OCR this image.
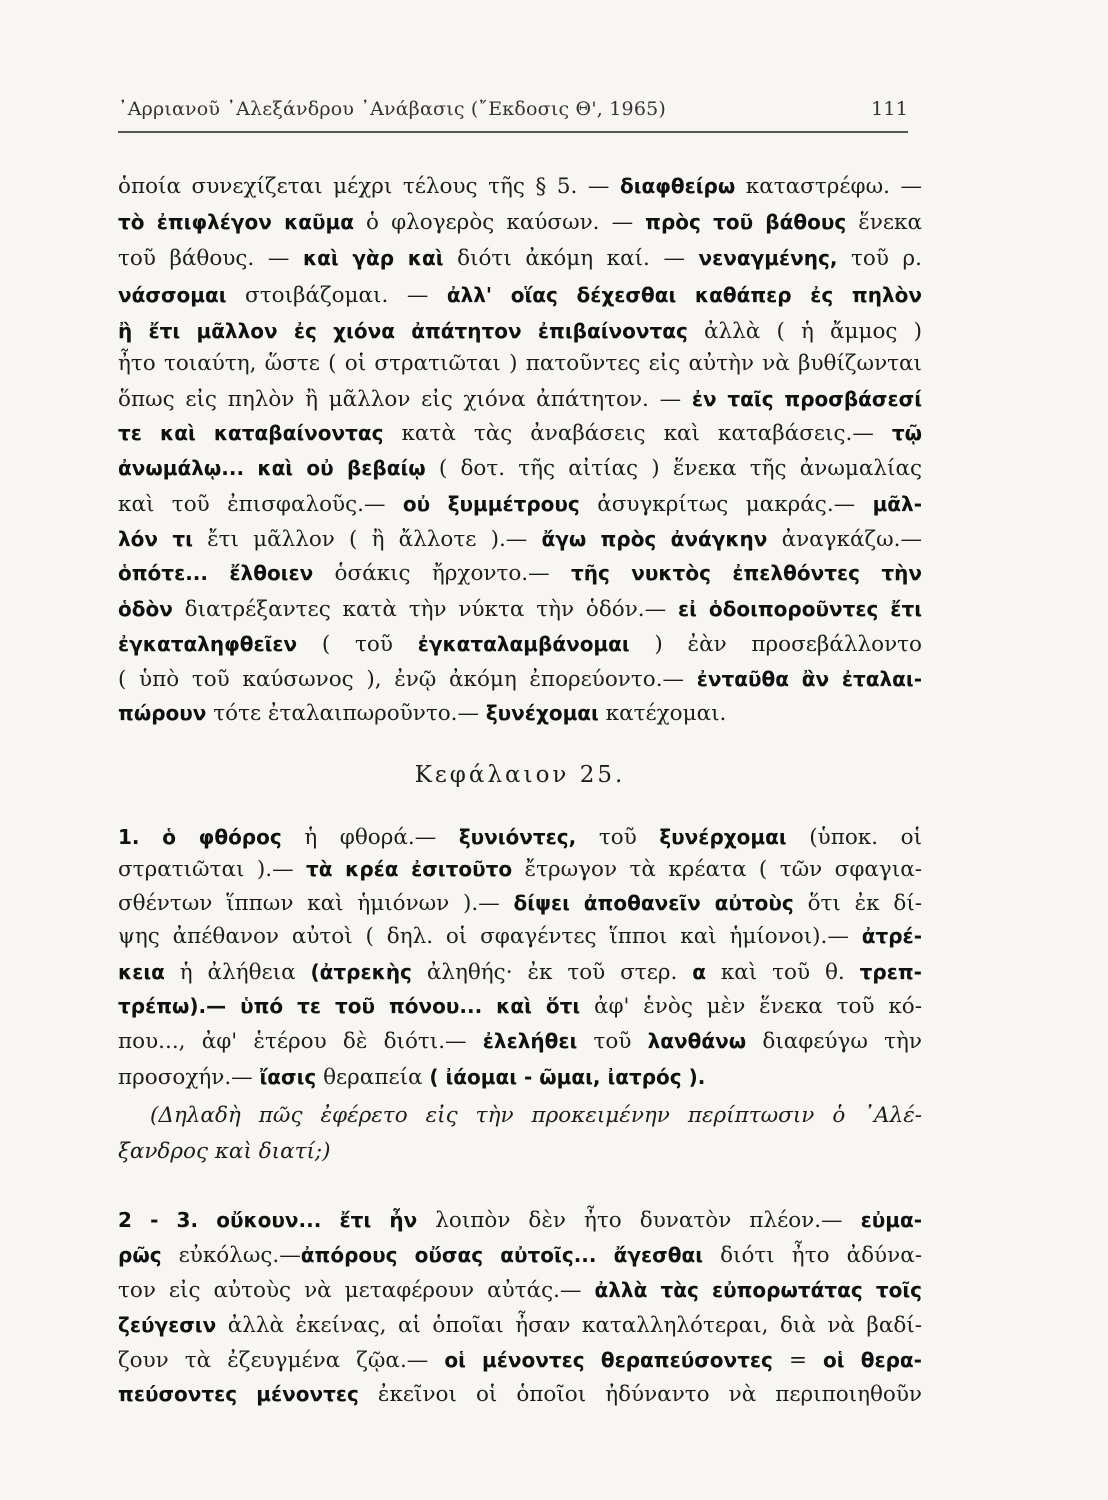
᾿Αρριανοῦ ᾿Αλεξάνδρου ᾿Ανάβασις (῎Εκδοσις Θ', 1965)	111
ὁποία συνεχίζεται μέχρι τέλους τῆς § 5. — διαφθείρω καταστρέφω. —
τὸ ἐπιφλέγον καῦμα ὁ φλογερὸς καύσων. — πρὸς τοῦ βάθους ἕνεκα
τοῦ βάθους. — καὶ γὰρ καὶ διότι ἀκόμη καί. — νεναγμένης, τοῦ ρ.
νάσσομαι στοιβάζομαι. — ἀλλ' οἵας δέχεσθαι καθάπερ ἐς πηλὸν
ἢ ἔτι μᾶλλον ἐς χιόνα ἀπάτητον ἐπιβαίνοντας ἀλλὰ ( ἡ ἄμμος )
ἦτο τοιαύτη, ὥστε ( οἱ στρατιῶται ) πατοῦντες εἰς αὐτὴν νὰ βυθίζωνται
ὅπως εἰς πηλὸν ἢ μᾶλλον εἰς χιόνα ἀπάτητον. — ἐν ταῖς προσβάσεσί
τε καὶ καταβαίνοντας κατὰ τὰς ἀναβάσεις καὶ καταβάσεις.— τῷ
ἀνωμάλῳ... καὶ οὐ βεβαίῳ ( δοτ. τῆς αἰτίας ) ἕνεκα τῆς ἀνωμαλίας
καὶ τοῦ ἐπισφαλοῦς.— οὐ ξυμμέτρους ἀσυγκρίτως μακράς.— μᾶλ-
λόν τι ἔτι μᾶλλον ( ἢ ἄλλοτε ).— ἄγω πρὸς ἀνάγκην ἀναγκάζω.—
ὁπότε... ἔλθοιεν ὁσάκις ἤρχοντο.— τῆς νυκτὸς ἐπελθόντες τὴν
ὁδὸν διατρέξαντες κατὰ τὴν νύκτα τὴν ὁδόν.— εἰ ὁδοιποροῦντες ἔτι
ἐγκαταληφθεῖεν ( τοῦ ἐγκαταλαμβάνομαι ) ἐὰν προσεβάλλοντο
( ὑπὸ τοῦ καύσωνος ), ἐνῷ ἀκόμη ἐπορεύοντο.— ἐνταῦθα ἂν ἐταλαι-
πώρουν τότε ἐταλαιπωροῦντο.— ξυνέχομαι κατέχομαι.
1. ὁ φθόρος ἡ φθορά.— ξυνιόντες, τοῦ ξυνέρχομαι (ὑποκ. οἱ
στρατιῶται ).— τὰ κρέα ἐσιτοῦτο ἔτρωγον τὰ κρέατα ( τῶν σφαγια-
σθέντων ἵππων καὶ ἡμιόνων ).— δίψει ἀποθανεῖν αὐτοὺς ὅτι ἐκ δί-
ψης ἀπέθανον αὐτοὶ ( δηλ. οἱ σφαγέντες ἵπποι καὶ ἡμίονοι).— ἀτρέ-
κεια ἡ ἀλήθεια (ἀτρεκὴς ἀληθής· ἐκ τοῦ στερ. α καὶ τοῦ θ. τρεπ-
τρέπω).— ὑπό τε τοῦ πόνου... καὶ ὅτι ἀφ' ἑνὸς μὲν ἕνεκα τοῦ κό-
που..., ἀφ' ἑτέρου δὲ διότι.— ἐλελήθει τοῦ λανθάνω διαφεύγω τὴν
προσοχήν.— ἴασις θεραπεία ( ἰάομαι - ῶμαι, ἰατρός ).
(Δηλαδὴ πῶς ἐφέρετο εἰς τὴν προκειμένην περίπτωσιν ὁ ᾿Αλέ-
ξανδρος καὶ διατί;)
2 - 3. οὔκουν... ἔτι ἦν λοιπὸν δὲν ἦτο δυνατὸν πλέον.— εὐμα-
ρῶς εὐκόλως.—ἀπόρους οὔσας αὐτοῖς... ἄγεσθαι διότι ἦτο ἀδύνα-
τον εἰς αὐτοὺς νὰ μεταφέρουν αὐτάς.— ἀλλὰ τὰς εὐπορωτάτας τοῖς
ζεύγεσιν ἀλλὰ ἐκείνας, αἱ ὁποῖαι ἦσαν καταλληλότεραι, διὰ νὰ βαδί-
ζουν τὰ ἐζευγμένα ζῷα.— οἱ μένοντες θεραπεύσοντες = οἱ θερα-
πεύσοντες μένοντες ἐκεῖνοι οἱ ὁποῖοι ἠδύναντο νὰ περιποιηθοῦν
Κεφάλαιον 25.
